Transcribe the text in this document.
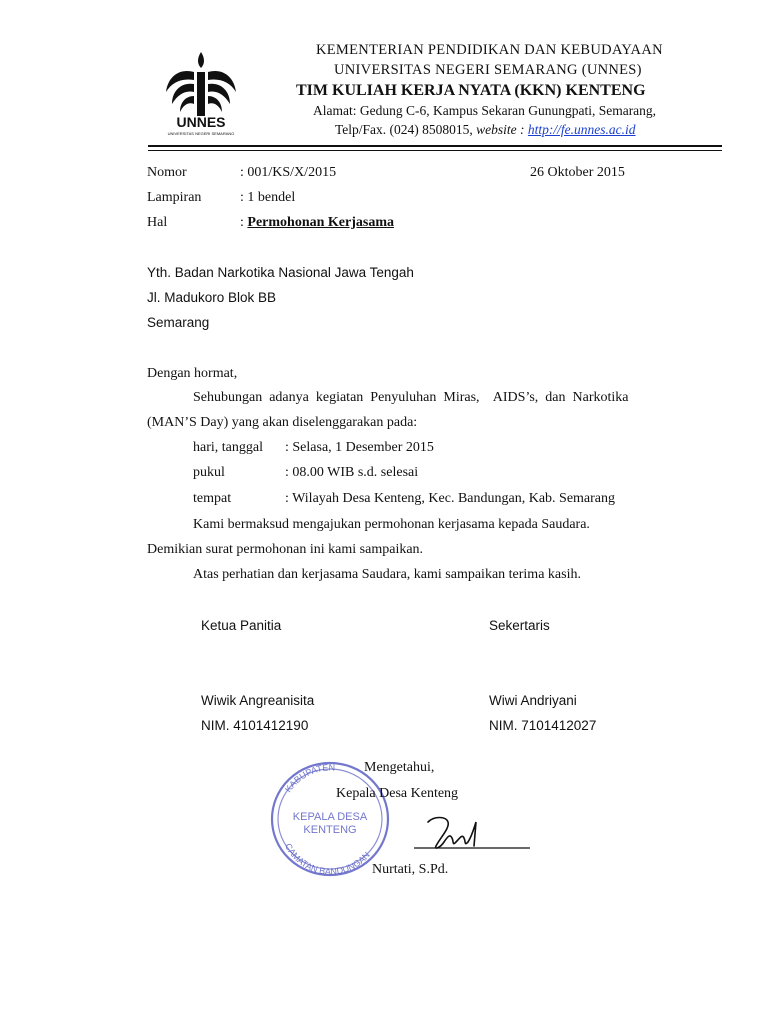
UNNES
UNIVERSITAS NEGERI SEMARANG
KEMENTERIAN PENDIDIKAN DAN KEBUDAYAAN
UNIVERSITAS NEGERI SEMARANG (UNNES)
TIM KULIAH KERJA NYATA (KKN) KENTENG
Alamat: Gedung C-6, Kampus Sekaran Gunungpati, Semarang,
Telp/Fax. (024) 8508015, website : http://fe.unnes.ac.id
Nomor	: 001/KS/X/2015	26 Oktober 2015
Lampiran	: 1 bendel
Hal	: Permohonan Kerjasama
Yth. Badan Narkotika Nasional Jawa Tengah
Jl. Madukoro Blok BB
Semarang
Dengan hormat,
Sehubungan  adanya  kegiatan  Penyuluhan  Miras,    AIDS’s,  dan  Narkotika
(MAN’S Day) yang akan diselenggarakan pada:
hari, tanggal : Selasa, 1 Desember 2015
pukul	: 08.00 WIB s.d. selesai
tempat	: Wilayah Desa Kenteng, Kec. Bandungan, Kab. Semarang
Kami bermaksud mengajukan permohonan kerjasama kepada Saudara.
Demikian surat permohonan ini kami sampaikan.
Atas perhatian dan kerjasama Saudara, kami sampaikan terima kasih.
Ketua Panitia	Sekertaris
Wiwik Angreanisita	Wiwi Andriyani
NIM. 4101412190	NIM. 7101412027
KABUPATEN
CAMATAN BANDUNGAN
KEPALA DESA
KENTENG
Mengetahui,
Kepala Desa Kenteng
Nurtati, S.Pd.
